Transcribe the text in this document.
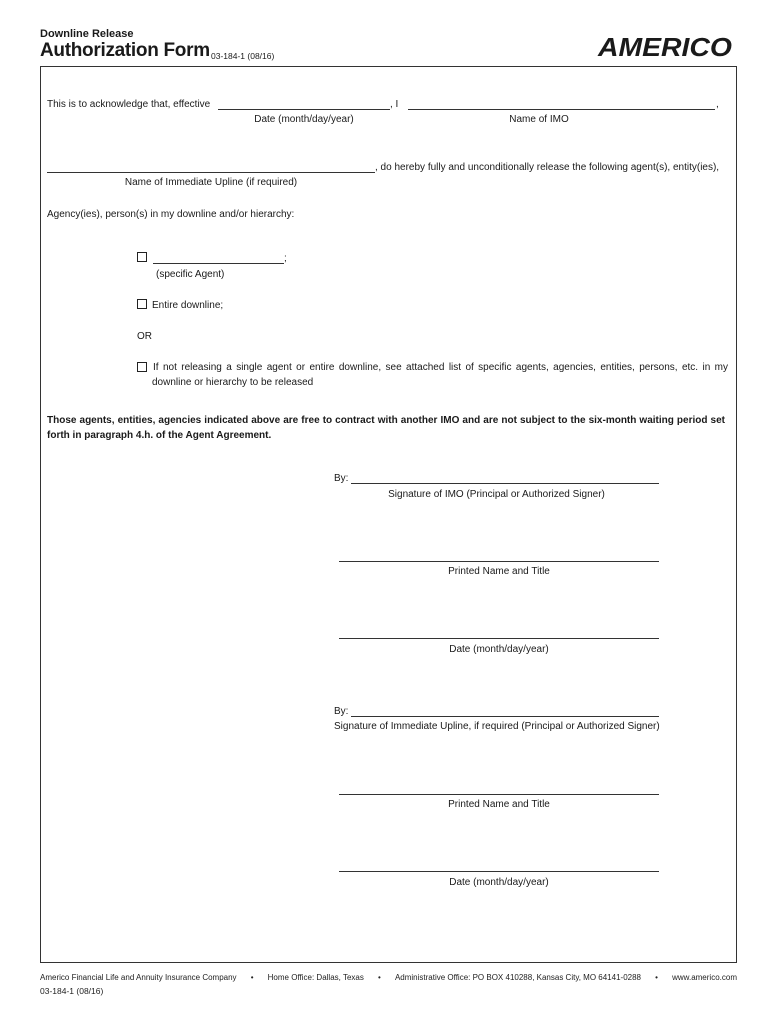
Downline Release
Authorization Form 03-184-1 (08/16)	AMERICO
This is to acknowledge that, effective	, I	,
Date (month/day/year)	Name of IMO
, do hereby fully and unconditionally release the following agent(s), entity(ies),
Name of Immediate Upline (if required)
Agency(ies), person(s) in my downline and/or hierarchy:
;
(specific Agent)
Entire downline;
OR
If not releasing a single agent or entire downline, see attached list of specific agents, agencies, entities, persons, etc. in my
downline or hierarchy to be released
Those agents, entities, agencies indicated above are free to contract with another IMO and are not subject to the six-month waiting period set
forth in paragraph 4.h. of the Agent Agreement.
By:
Signature of IMO (Principal or Authorized Signer)
Printed Name and Title
Date (month/day/year)
By:
Signature of Immediate Upline, if required (Principal or Authorized Signer)
Printed Name and Title
Date (month/day/year)
Americo Financial Life and Annuity Insurance Company • Home Office: Dallas, Texas • Administrative Office: PO BOX 410288, Kansas City, MO 64141-0288 • www.americo.com
03-184-1 (08/16)
